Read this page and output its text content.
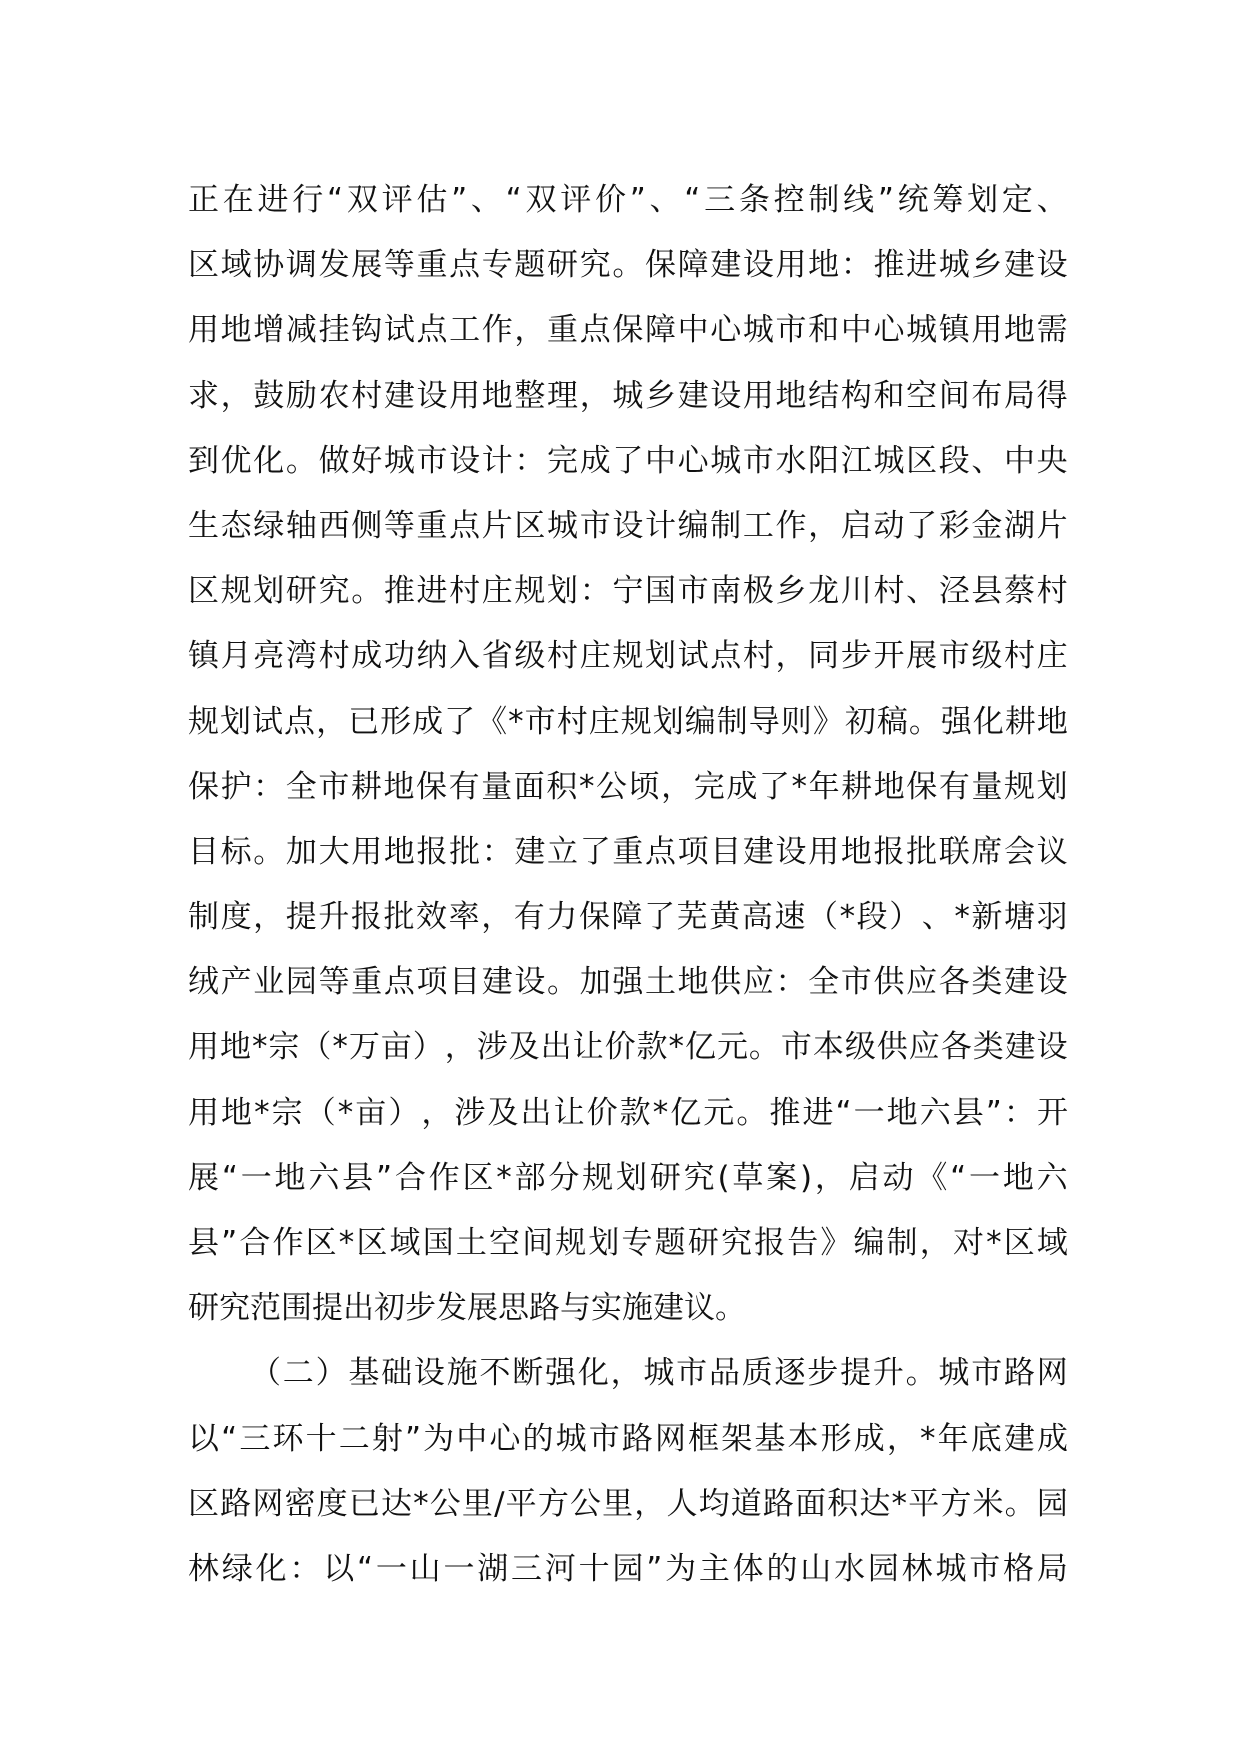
正 在 进 行 “ 双 评 估 ” 、 “ 双 评 价 ” 、 “ 三 条 控 制 线 ” 统 筹 划 定 、
区 域 协 调 发 展 等 重 点 专 题 研 究 。 保 障 建 设 用 地 ： 推 进 城 乡 建 设
用 地 增 减 挂 钩 试 点 工 作 ， 重 点 保 障 中 心 城 市 和 中 心 城 镇 用 地 需
求 ， 鼓 励 农 村 建 设 用 地 整 理 ， 城 乡 建 设 用 地 结 构 和 空 间 布 局 得
到 优 化 。 做 好 城 市 设 计 ： 完 成 了 中 心 城 市 水 阳 江 城 区 段 、 中 央
生 态 绿 轴 西 侧 等 重 点 片 区 城 市 设 计 编 制 工 作 ， 启 动 了 彩 金 湖 片
区 规 划 研 究 。 推 进 村 庄 规 划 ： 宁 国 市 南 极 乡 龙 川 村 、 泾 县 蔡 村
镇 月 亮 湾 村 成 功 纳 入 省 级 村 庄 规 划 试 点 村 ， 同 步 开 展 市 级 村 庄
规 划 试 点 ， 已 形 成 了 《 * 市 村 庄 规 划 编 制 导 则 》 初 稿 。 强 化 耕 地
保 护 ： 全 市 耕 地 保 有 量 面 积 * 公 顷 ， 完 成 了 * 年 耕 地 保 有 量 规 划
目 标 。 加 大 用 地 报 批 ： 建 立 了 重 点 项 目 建 设 用 地 报 批 联 席 会 议
制 度 ， 提 升 报 批 效 率 ， 有 力 保 障 了 芜 黄 高 速 （ * 段 ） 、 * 新 塘 羽
绒 产 业 园 等 重 点 项 目 建 设 。 加 强 土 地 供 应 ： 全 市 供 应 各 类 建 设
用 地 * 宗 （ * 万 亩 ） ， 涉 及 出 让 价 款 * 亿 元 。 市 本 级 供 应 各 类 建 设
用 地 * 宗 （ * 亩 ） ， 涉 及 出 让 价 款 * 亿 元 。 推 进 “ 一 地 六 县 ” ： 开
展 “ 一 地 六 县 ” 合 作 区 * 部 分 规 划 研 究 ( 草 案 ) ， 启 动 《 “ 一 地 六
县 ” 合 作 区 * 区 域 国 土 空 间 规 划 专 题 研 究 报 告 》 编 制 ， 对 * 区 域
研究范围提出初步发展思路与实施建议。
（ 二 ） 基 础 设 施 不 断 强 化 ， 城 市 品 质 逐 步 提 升 。 城 市 路 网
以 “ 三 环 十 二 射 ” 为 中 心 的 城 市 路 网 框 架 基 本 形 成 ， * 年 底 建 成
区 路 网 密 度 已 达 * 公 里 / 平 方 公 里 ， 人 均 道 路 面 积 达 * 平 方 米 。 园
林 绿 化 ： 以 “ 一 山 一 湖 三 河 十 园 ” 为 主 体 的 山 水 园 林 城 市 格 局
